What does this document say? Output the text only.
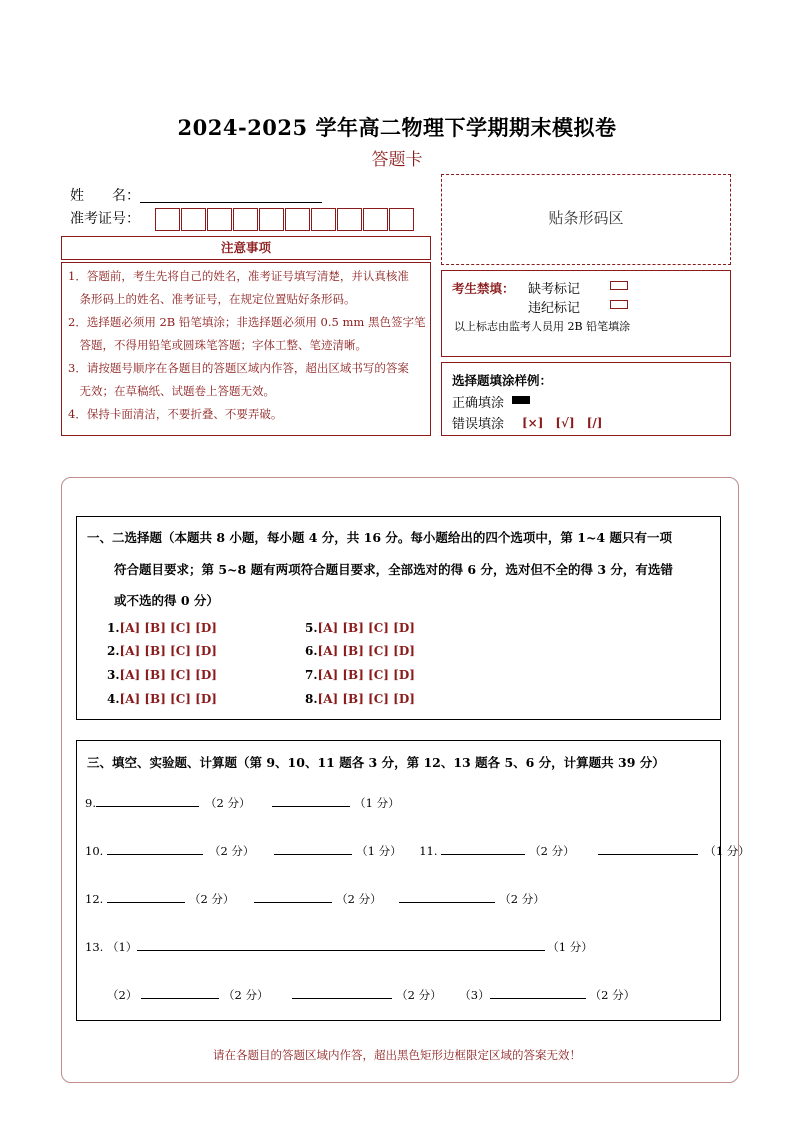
2024-2025 学年高二物理下学期期末模拟卷
答题卡
姓　　名：
准考证号：	贴条形码区
注意事项
1．答题前，考生先将自己的姓名，准考证号填写清楚，并认真核准
　条形码上的姓名、准考证号，在规定位置贴好条形码。
2．选择题必须用 2B 铅笔填涂；非选择题必须用 0.5 mm 黑色签字笔
　答题，不得用铅笔或圆珠笔答题；字体工整、笔迹清晰。
3．请按题号顺序在各题目的答题区域内作答，超出区域书写的答案
　无效；在草稿纸、试题卷上答题无效。
4．保持卡面清洁，不要折叠、不要弄破。
考生禁填： 缺考标记
违纪标记
以上标志由监考人员用 2B 铅笔填涂
选择题填涂样例：
正确填涂
错误填涂 [×]　[√]　[/]
一、二选择题（本题共 8 小题，每小题 4 分，共 16 分。每小题给出的四个选项中，第 1~4 题只有一项
符合题目要求；第 5~8 题有两项符合题目要求，全部选对的得 6 分，选对但不全的得 3 分，有选错
或不选的得 0 分）
1.[A] [B] [C] [D]
2.[A] [B] [C] [D]
3.[A] [B] [C] [D]
4.[A] [B] [C] [D]
5.[A] [B] [C] [D]
6.[A] [B] [C] [D]
7.[A] [B] [C] [D]
8.[A] [B] [C] [D]
三、填空、实验题、计算题（第 9、10、11 题各 3 分，第 12、13 题各 5、6 分，计算题共 39 分）
9.	（2 分）	（1 分）
10.	（2 分）	（1 分） 11.	（2 分）	（1 分）
12.	（2 分）	（2 分）	（2 分）
13. （1）	（1 分）
（2）	（2 分）	（2 分） （3）	（2 分）
请在各题目的答题区域内作答，超出黑色矩形边框限定区域的答案无效！
